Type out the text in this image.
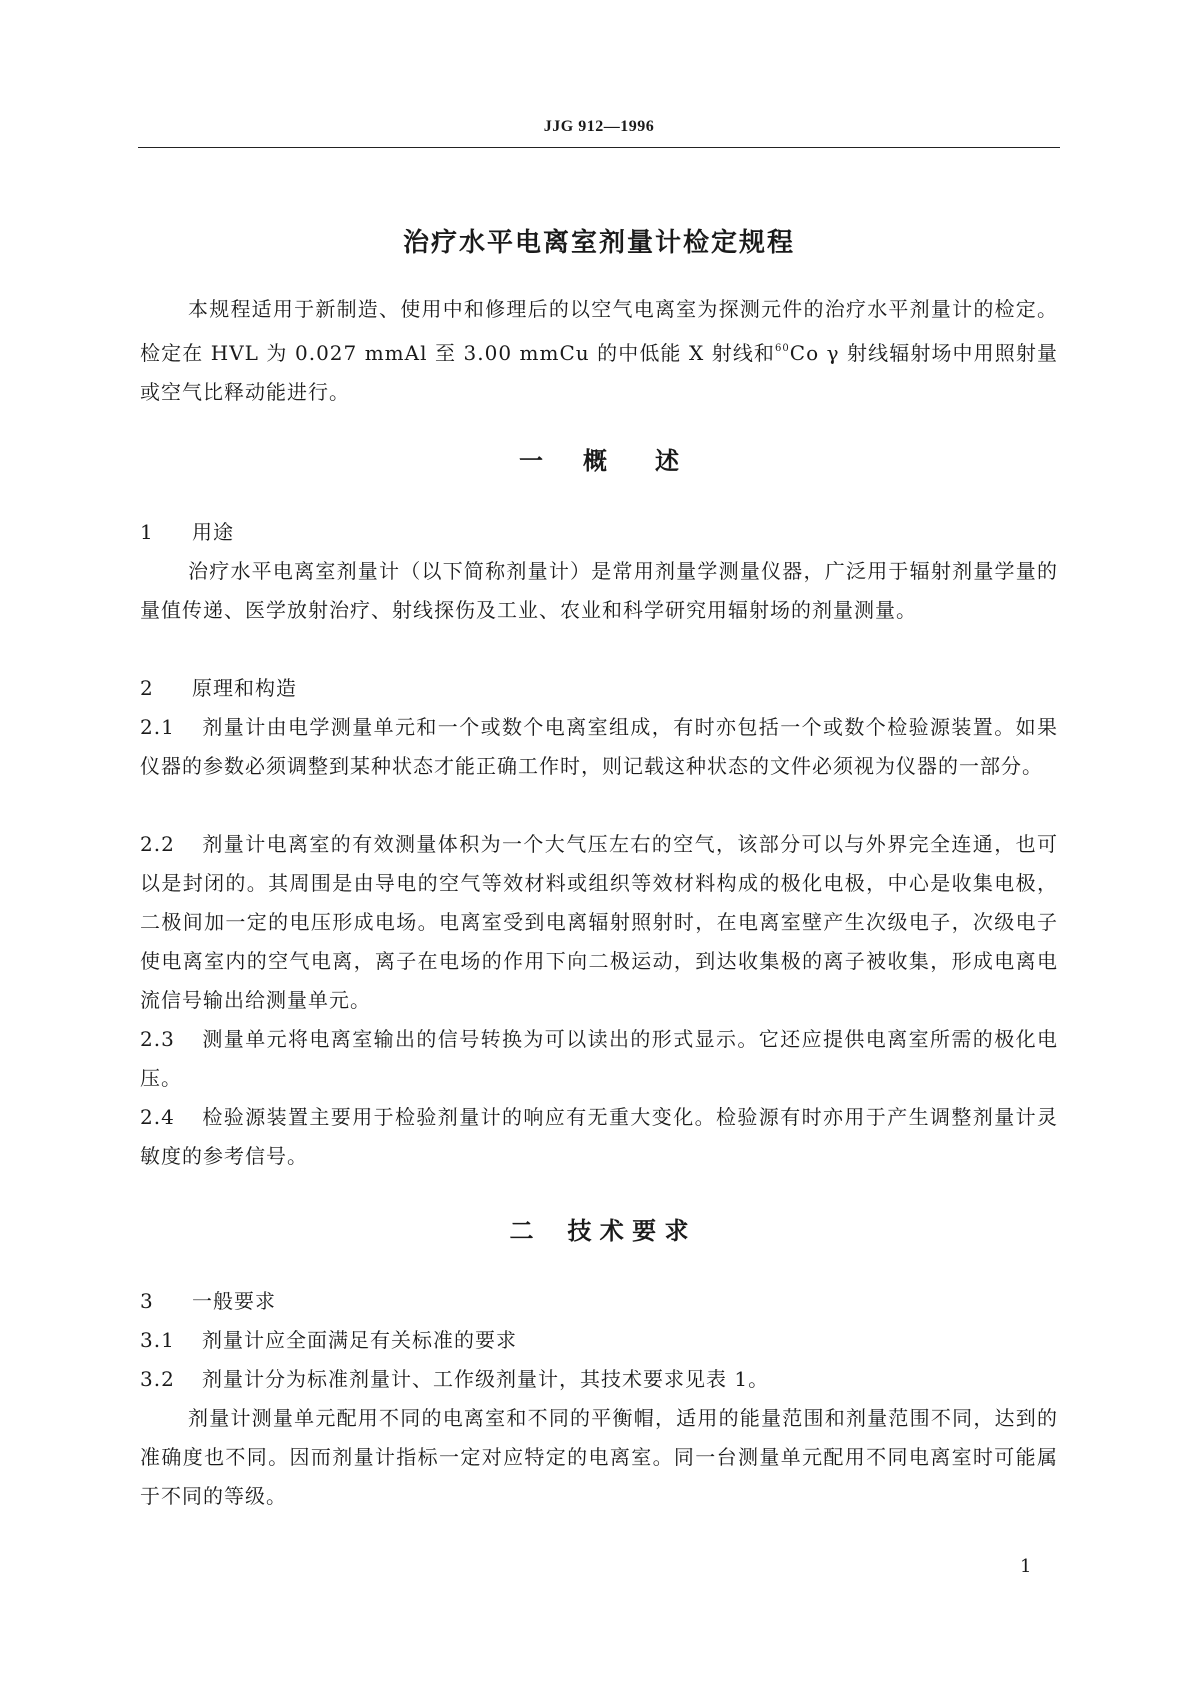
JJG 912—1996
治疗水平电离室剂量计检定规程

本规程适用于新制造、使用中和修理后的以空气电离室为探测元件的治疗水平剂量计的检定。检定在 HVL 为 0.027 mmAl 至 3.00 mmCu 的中低能 X 射线和$^{60}$Co γ 射线辐射场中用照射量或空气比释动能进行。

一 概　　述

1 用途

治疗水平电离室剂量计（以下简称剂量计）是常用剂量学测量仪器，广泛用于辐射剂量学量的量值传递、医学放射治疗、射线探伤及工业、农业和科学研究用辐射场的剂量测量。

2 原理和构造

2.1 剂量计由电学测量单元和一个或数个电离室组成，有时亦包括一个或数个检验源装置。如果仪器的参数必须调整到某种状态才能正确工作时，则记载这种状态的文件必须视为仪器的一部分。

2.2 剂量计电离室的有效测量体积为一个大气压左右的空气，该部分可以与外界完全连通，也可以是封闭的。其周围是由导电的空气等效材料或组织等效材料构成的极化电极，中心是收集电极，二极间加一定的电压形成电场。电离室受到电离辐射照射时，在电离室壁产生次级电子，次级电子使电离室内的空气电离，离子在电场的作用下向二极运动，到达收集极的离子被收集，形成电离电流信号输出给测量单元。

2.3 测量单元将电离室输出的信号转换为可以读出的形式显示。它还应提供电离室所需的极化电压。

2.4 检验源装置主要用于检验剂量计的响应有无重大变化。检验源有时亦用于产生调整剂量计灵敏度的参考信号。

二 技 术 要 求

3 一般要求

3.1 剂量计应全面满足有关标准的要求

3.2 剂量计分为标准剂量计、工作级剂量计，其技术要求见表 1。

剂量计测量单元配用不同的电离室和不同的平衡帽，适用的能量范围和剂量范围不同，达到的准确度也不同。因而剂量计指标一定对应特定的电离室。同一台测量单元配用不同电离室时可能属于不同的等级。

1
